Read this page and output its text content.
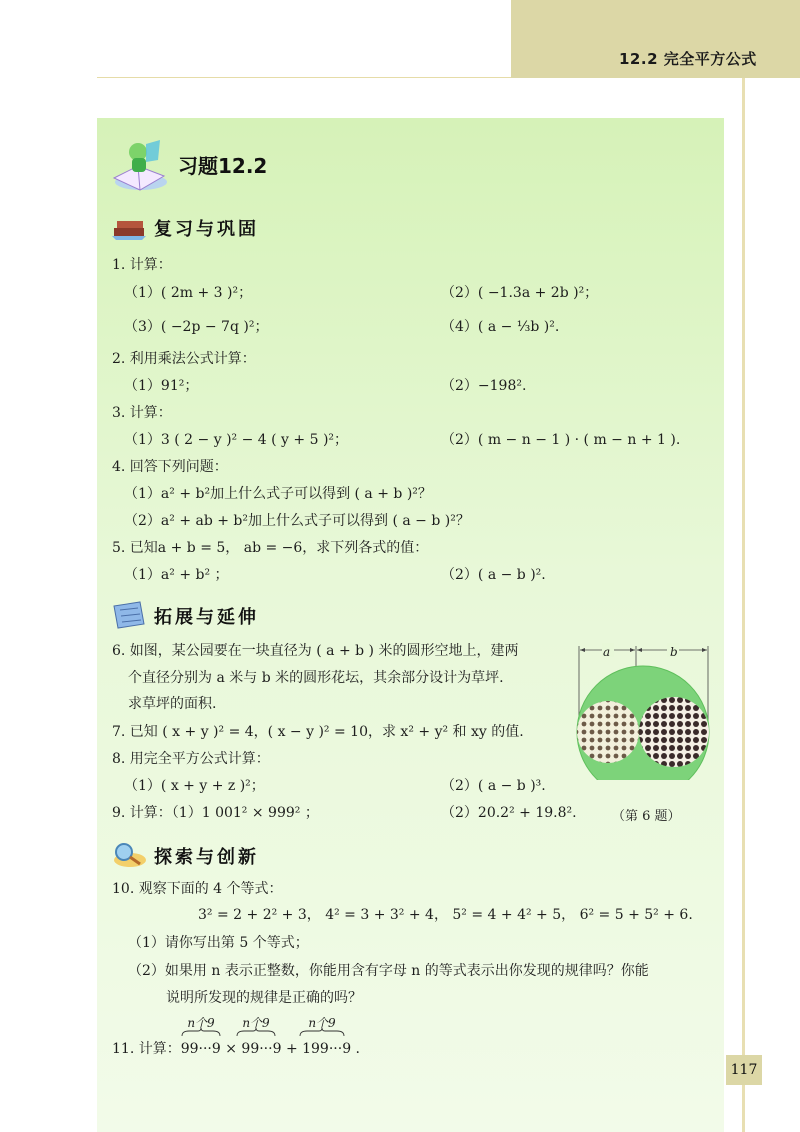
12.2 完全平方公式
习题12.2
复习与巩固
1. 计算：
（1）( 2m + 3 )²；	（2）( −1.3a + 2b )²；
（3）( −2p − 7q )²；	（4）( a − ⅓b )².
2. 利用乘法公式计算：
（1）91²；	（2）−198².
3. 计算：
（1）3 ( 2 − y )² − 4 ( y + 5 )²；	（2）( m − n − 1 ) · ( m − n + 1 ).
4. 回答下列问题：
（1）a² + b²加上什么式子可以得到 ( a + b )²？
（2）a² + ab + b²加上什么式子可以得到 ( a − b )²？
5. 已知a + b = 5， ab = −6，求下列各式的值：
（1）a² + b² ；	（2）( a − b )².
拓展与延伸
6. 如图，某公园要在一块直径为 ( a + b ) 米的圆形空地上，建两
个直径分别为 a 米与 b 米的圆形花坛，其余部分设计为草坪.
求草坪的面积.
7. 已知 ( x + y )² = 4，( x − y )² = 10，求 x² + y² 和 xy 的值.
8. 用完全平方公式计算：
（1）( x + y + z )²；	（2）( a − b )³.
9. 计算：（1）1 001² × 999² ；	（2）20.2² + 19.8².
a	b
（第 6 题）
探索与创新
10. 观察下面的 4 个等式：
3² = 2 + 2² + 3， 4² = 3 + 3² + 4， 5² = 4 + 4² + 5， 6² = 5 + 5² + 6.
（1）请你写出第 5 个等式；
（2）如果用 n 表示正整数，你能用含有字母 n 的等式表示出你发现的规律吗？你能
说明所发现的规律是正确的吗？
n个9	n个9	n个9
11. 计算：99···9 × 99···9 + 199···9 .
117
